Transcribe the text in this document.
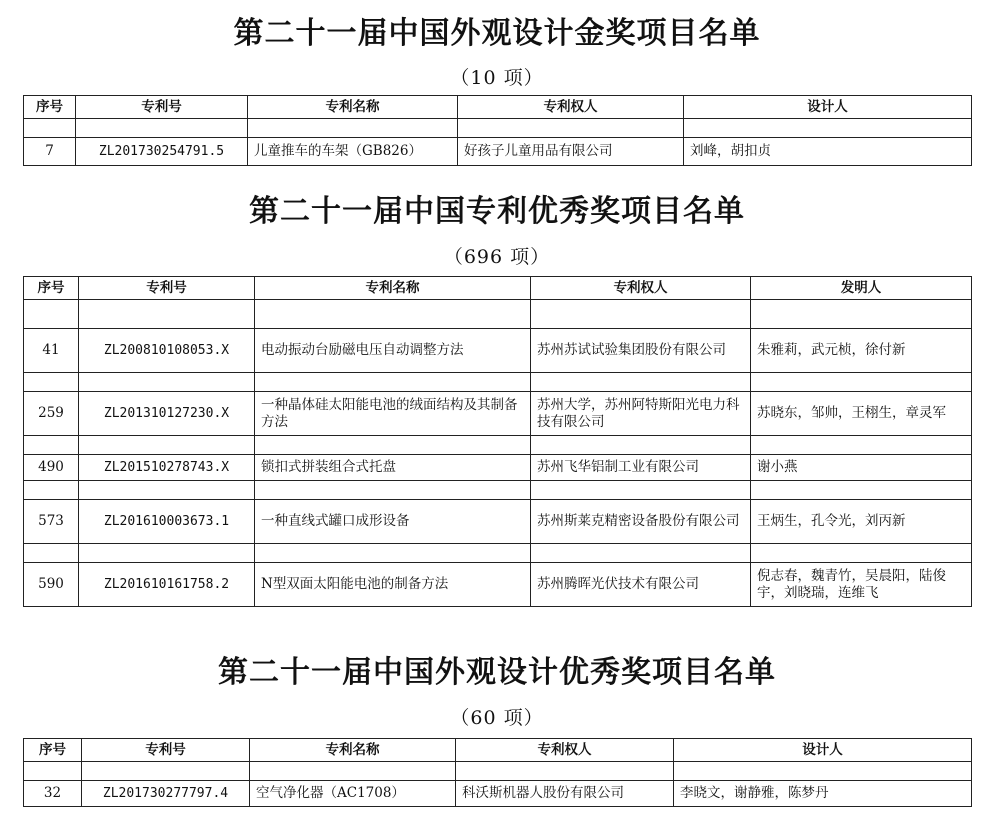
第二十一届中国外观设计金奖项目名单
（10 项）
序号	专利号	专利名称	专利权人	设计人

7	ZL201730254791.5	儿童推车的车架（GB826）	好孩子儿童用品有限公司	刘峰，胡扣贞
第二十一届中国专利优秀奖项目名单
（696 项）
序号	专利号	专利名称	专利权人	发明人

41	ZL200810108053.X	电动振动台励磁电压自动调整方法	苏州苏试试验集团股份有限公司	朱雅莉，武元桢，徐付新

259	ZL201310127230.X	一种晶体硅太阳能电池的绒面结构及其制备方法	苏州大学，苏州阿特斯阳光电力科技有限公司	苏晓东，邹帅，王栩生，章灵军

490	ZL201510278743.X	锁扣式拼装组合式托盘	苏州飞华铝制工业有限公司	谢小燕

573	ZL201610003673.1	一种直线式罐口成形设备	苏州斯莱克精密设备股份有限公司	王炳生，孔令光，刘丙新

590	ZL201610161758.2	N型双面太阳能电池的制备方法	苏州腾晖光伏技术有限公司	倪志春，魏青竹，吴晨阳，陆俊宇，刘晓瑞，连维飞
第二十一届中国外观设计优秀奖项目名单
（60 项）
序号	专利号	专利名称	专利权人	设计人

32	ZL201730277797.4	空气净化器（AC1708）	科沃斯机器人股份有限公司	李晓文，谢静雅，陈梦丹
